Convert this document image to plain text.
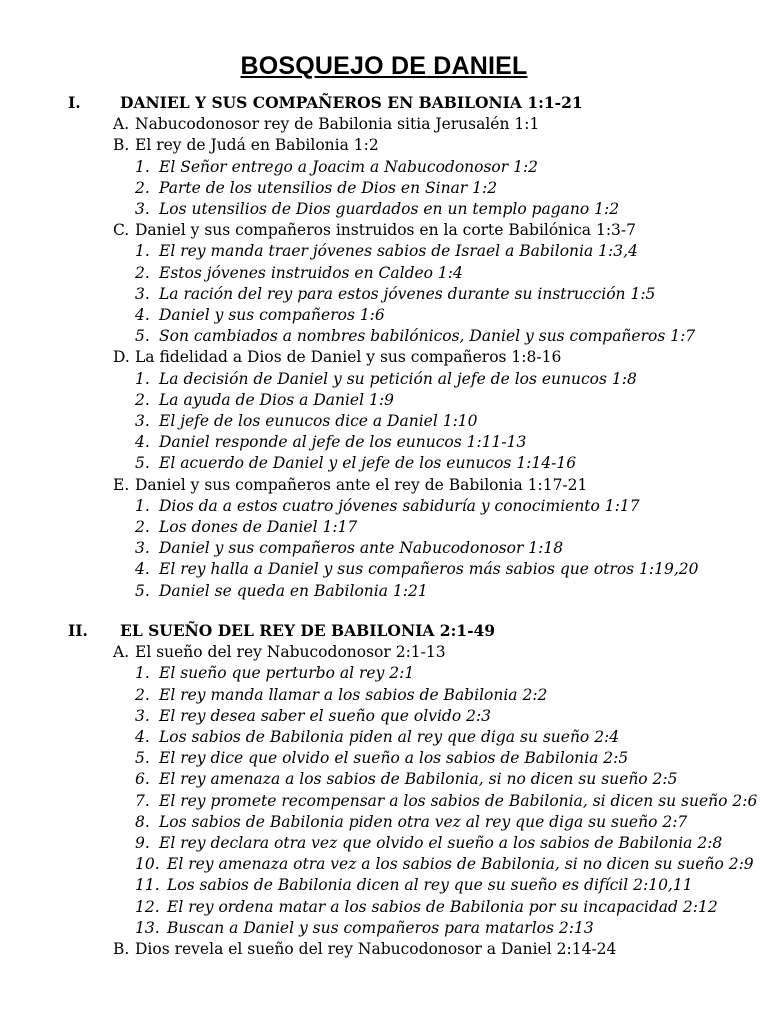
BOSQUEJO DE DANIEL
I.	DANIEL Y SUS COMPAÑEROS EN BABILONIA 1:1-21
A. Nabucodonosor rey de Babilonia sitia Jerusalén 1:1
B. El rey de Judá en Babilonia 1:2
1. El Señor entrego a Joacim a Nabucodonosor 1:2
2. Parte de los utensilios de Dios en Sinar 1:2
3. Los utensilios de Dios guardados en un templo pagano 1:2
C. Daniel y sus compañeros instruidos en la corte Babilónica 1:3-7
1. El rey manda traer jóvenes sabios de Israel a Babilonia 1:3,4
2. Estos jóvenes instruidos en Caldeo 1:4
3. La ración del rey para estos jóvenes durante su instrucción 1:5
4. Daniel y sus compañeros 1:6
5. Son cambiados a nombres babilónicos, Daniel y sus compañeros 1:7
D. La fidelidad a Dios de Daniel y sus compañeros 1:8-16
1. La decisión de Daniel y su petición al jefe de los eunucos 1:8
2. La ayuda de Dios a Daniel 1:9
3. El jefe de los eunucos dice a Daniel 1:10
4. Daniel responde al jefe de los eunucos 1:11-13
5. El acuerdo de Daniel y el jefe de los eunucos 1:14-16
E. Daniel y sus compañeros ante el rey de Babilonia 1:17-21
1. Dios da a estos cuatro jóvenes sabiduría y conocimiento 1:17
2. Los dones de Daniel 1:17
3. Daniel y sus compañeros ante Nabucodonosor 1:18
4. El rey halla a Daniel y sus compañeros más sabios que otros 1:19,20
5. Daniel se queda en Babilonia 1:21
II. EL SUEÑO DEL REY DE BABILONIA 2:1-49
A. El sueño del rey Nabucodonosor 2:1-13
1. El sueño que perturbo al rey 2:1
2. El rey manda llamar a los sabios de Babilonia 2:2
3. El rey desea saber el sueño que olvido 2:3
4. Los sabios de Babilonia piden al rey que diga su sueño 2:4
5. El rey dice que olvido el sueño a los sabios de Babilonia 2:5
6. El rey amenaza a los sabios de Babilonia, si no dicen su sueño 2:5
7. El rey promete recompensar a los sabios de Babilonia, si dicen su sueño 2:6
8. Los sabios de Babilonia piden otra vez al rey que diga su sueño 2:7
9. El rey declara otra vez que olvido el sueño a los sabios de Babilonia 2:8
10. El rey amenaza otra vez a los sabios de Babilonia, si no dicen su sueño 2:9
11. Los sabios de Babilonia dicen al rey que su sueño es difícil 2:10,11
12. El rey ordena matar a los sabios de Babilonia por su incapacidad 2:12
13. Buscan a Daniel y sus compañeros para matarlos 2:13
B. Dios revela el sueño del rey Nabucodonosor a Daniel 2:14-24
